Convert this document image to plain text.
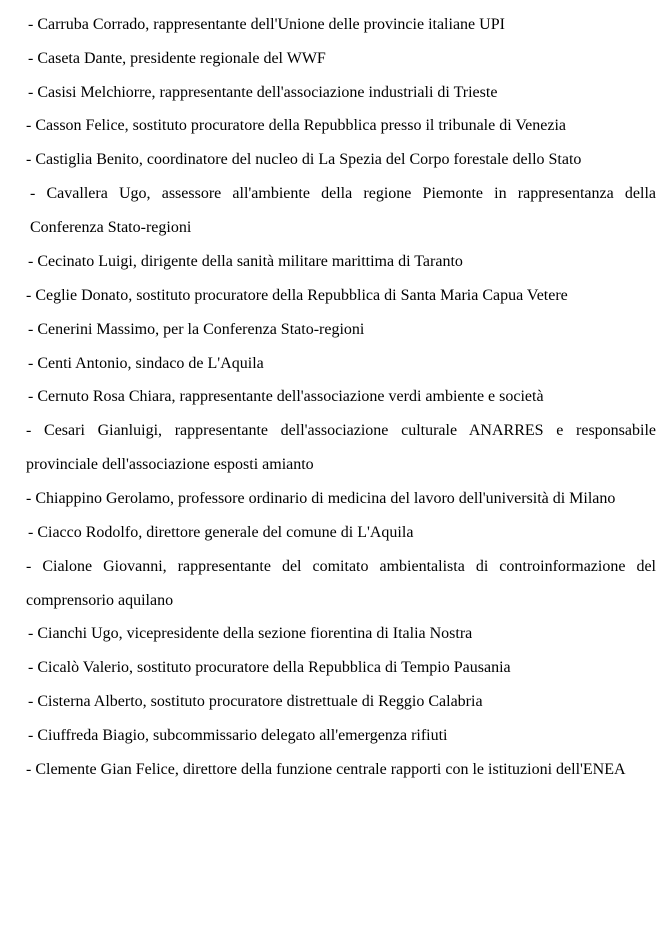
- Carruba Corrado, rappresentante dell'Unione delle provincie italiane UPI
- Caseta Dante, presidente regionale del WWF
- Casisi Melchiorre, rappresentante dell'associazione industriali di Trieste
- Casson Felice, sostituto procuratore della Repubblica presso il tribunale di Venezia
- Castiglia Benito, coordinatore del nucleo di La Spezia del Corpo forestale dello Stato
- Cavallera Ugo, assessore all'ambiente della regione Piemonte in rappresentanza della Conferenza Stato-regioni
- Cecinato Luigi, dirigente della sanità militare marittima di Taranto
- Ceglie Donato, sostituto procuratore della Repubblica di Santa Maria Capua Vetere
- Cenerini Massimo, per la Conferenza Stato-regioni
- Centi Antonio, sindaco de L'Aquila
- Cernuto Rosa Chiara, rappresentante dell'associazione verdi ambiente e società
- Cesari Gianluigi, rappresentante dell'associazione culturale ANARRES e responsabile provinciale dell'associazione esposti amianto
- Chiappino Gerolamo, professore ordinario di medicina del lavoro dell'università di Milano
- Ciacco Rodolfo, direttore generale del comune di L'Aquila
- Cialone Giovanni, rappresentante del comitato ambientalista di controinformazione del comprensorio aquilano
- Cianchi Ugo, vicepresidente della sezione fiorentina di Italia Nostra
- Cicalò Valerio, sostituto procuratore della Repubblica di Tempio Pausania
- Cisterna Alberto, sostituto procuratore distrettuale di Reggio Calabria
- Ciuffreda Biagio, subcommissario delegato all'emergenza rifiuti
- Clemente Gian Felice, direttore della funzione centrale rapporti con le istituzioni dell'ENEA
